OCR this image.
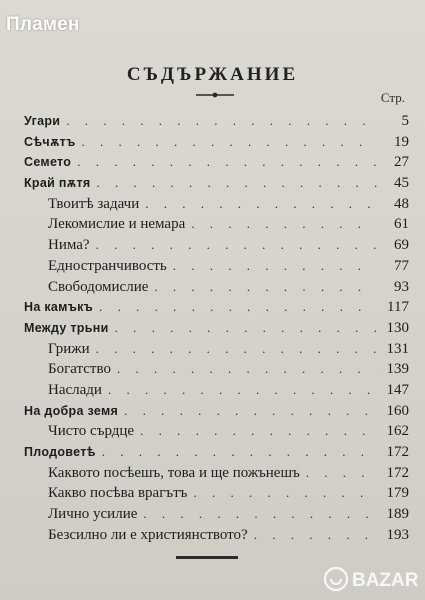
Пламен
СЪДЪРЖАНИЕ
Стр.
Угари . . .	5
Сѣчѫтъ . . .	19
Семето . . .	27
Край пѫтя . . .	45
Твоитѣ задачи . . .	48
Лекомислие и немара . . .	61
Нима? . . .	69
Едностранчивость . . .	77
Свободомислие . . .	93
На камъкъ . . .	117
Между трьни . . .	130
Грижи . . .	131
Богатство . . .	139
Наслади . . .	147
На добра земя . . .	160
Чисто сърдце . . .	162
Плодоветѣ . . .	172
Каквото посѣешъ, това и ще пожънешъ . . .	172
Какво посѣва врагътъ . . .	179
Лично усилие . . .	189
Безсилно ли е християнството? . . .	193
BAZAR
